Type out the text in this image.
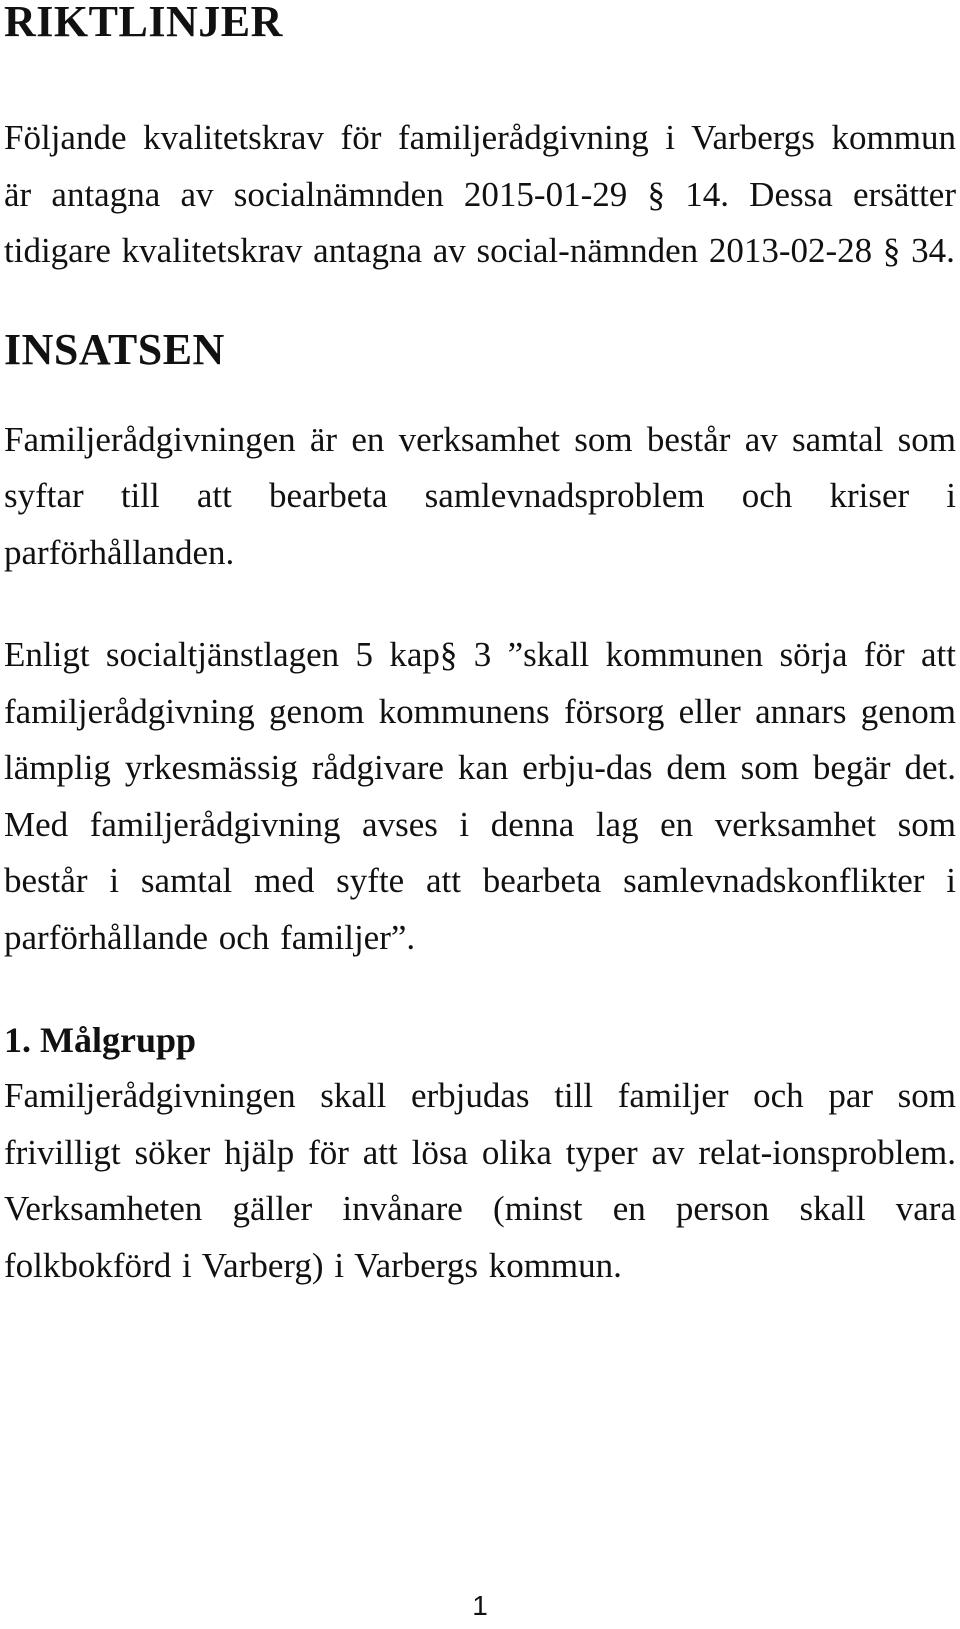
RIKTLINJER

Följande kvalitetskrav för familjerådgivning i Varbergs kommun är antagna av socialnämnden 2015-01-29 § 14. Dessa ersätter tidigare kvalitetskrav antagna av social-nämnden 2013-02-28 § 34.

INSATSEN

Familjerådgivningen är en verksamhet som består av samtal som syftar till att bearbeta samlevnadsproblem och kriser i parförhållanden.

Enligt socialtjänstlagen 5 kap§ 3 ”skall kommunen sörja för att familjerådgivning genom kommunens försorg eller annars genom lämplig yrkesmässig rådgivare kan erbju-das dem som begär det. Med familjerådgivning avses i denna lag en verksamhet som består i samtal med syfte att bearbeta samlevnadskonflikter i parförhållande och familjer”.

1. Målgrupp

Familjerådgivningen skall erbjudas till familjer och par som frivilligt söker hjälp för att lösa olika typer av relat-ionsproblem. Verksamheten gäller invånare (minst en person skall vara folkbokförd i Varberg) i Varbergs kommun.

1
